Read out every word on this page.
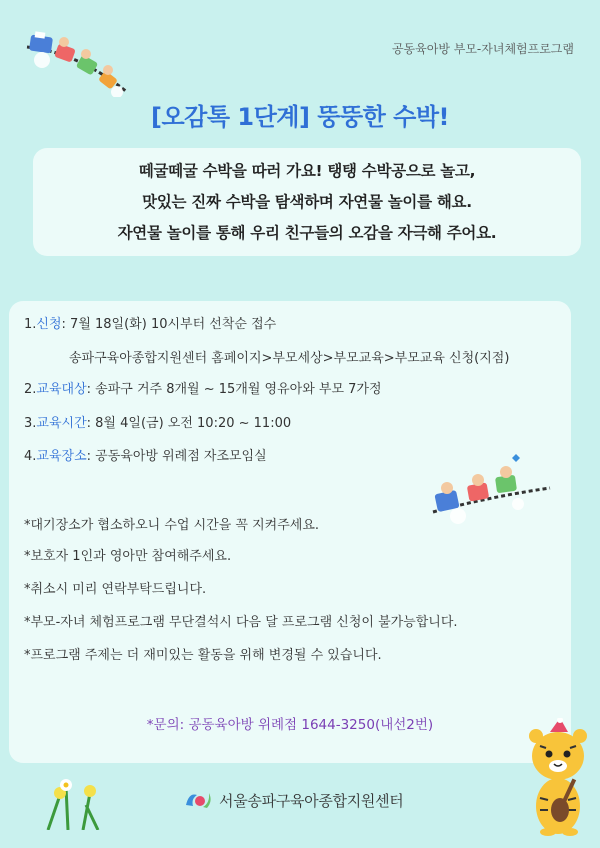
공동육아방 부모-자녀체험프로그램
[오감톡 1단계] 뚱뚱한 수박!
떼굴떼굴 수박을 따러 가요! 탱탱 수박공으로 놀고,
맛있는 진짜 수박을 탐색하며 자연물 놀이를 해요.
자연물 놀이를 통해 우리 친구들의 오감을 자극해 주어요.
1.신청: 7월 18일(화) 10시부터 선착순 접수
송파구육아종합지원센터 홈페이지>부모세상>부모교육>부모교육 신청(지점)
2.교육대상: 송파구 거주 8개월 ~ 15개월 영유아와 부모 7가정
3.교육시간: 8월 4일(금) 오전 10:20 ~ 11:00
4.교육장소: 공동육아방 위례점 자조모임실
*대기장소가 협소하오니 수업 시간을 꼭 지켜주세요.
*보호자 1인과 영아만 참여해주세요.
*취소시 미리 연락부탁드립니다.
*부모-자녀 체험프로그램 무단결석시 다음 달 프로그램 신청이 불가능합니다.
*프로그램 주제는 더 재미있는 활동을 위해 변경될 수 있습니다.
*문의: 공동육아방 위례점 1644-3250(내선2번)
서울송파구육아종합지원센터
